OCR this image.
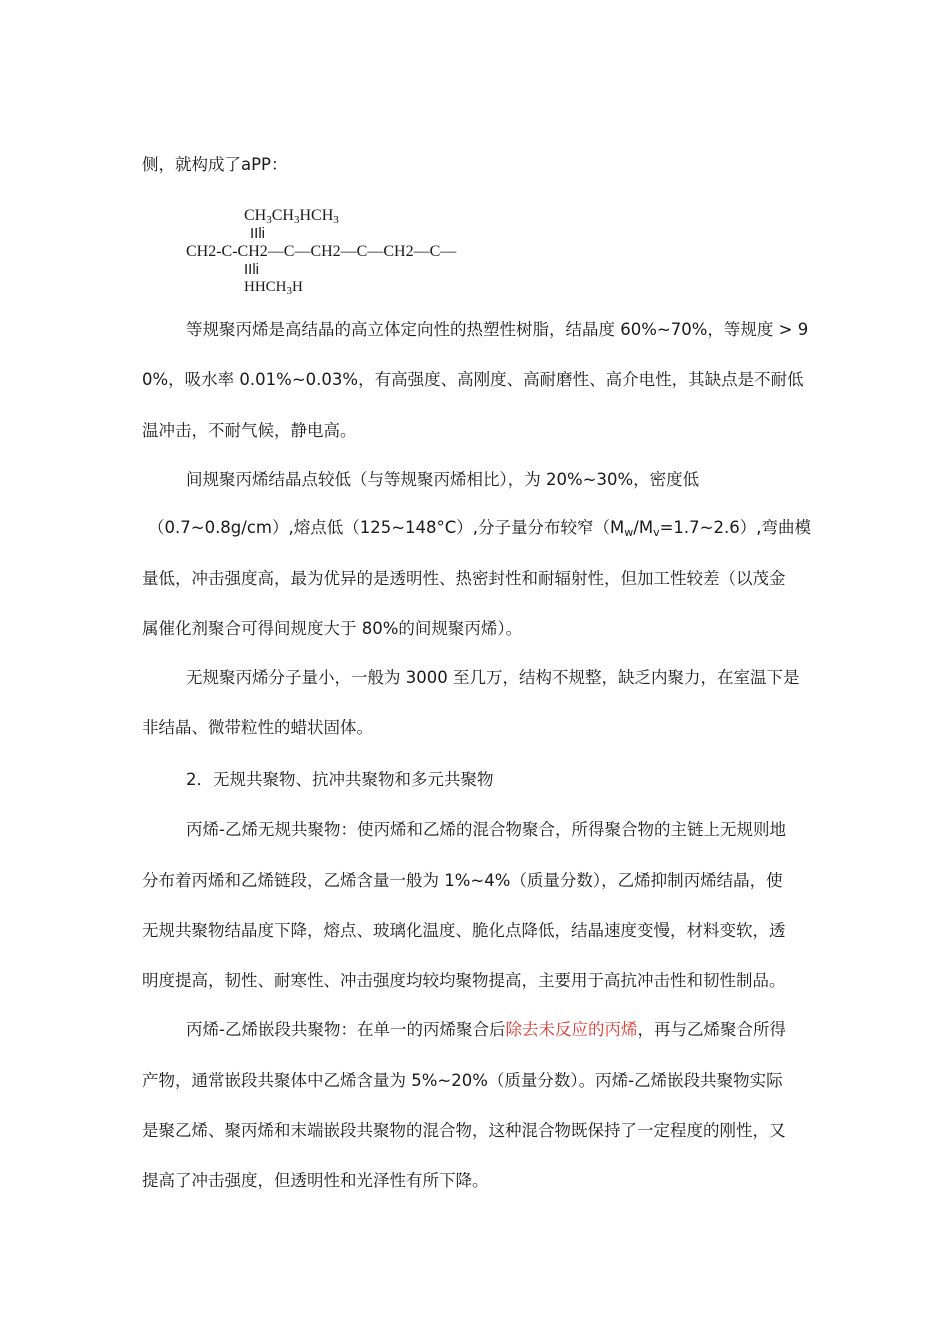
侧，就构成了aPP：

$CH_3CH_3HCH_3$
IIli
CH2-C-CH2—C—CH2—C—CH2—C—
IIli
$HHCH_3H$

等规聚丙烯是高结晶的高立体定向性的热塑性树脂，结晶度 60%~70%，等规度 > 9

0%，吸水率 0.01%~0.03%，有高强度、高刚度、高耐磨性、高介电性，其缺点是不耐低

温冲击，不耐气候，静电高。

间规聚丙烯结晶点较低（与等规聚丙烯相比），为 20%~30%，密度低

（0.7~0.8g/cm）,熔点低（125~148°C）,分子量分布较窄$(M_w/M_v=1.7\sim 2.6)$,弯曲模

量低，冲击强度高，最为优异的是透明性、热密封性和耐辐射性，但加工性较差（以茂金

属催化剂聚合可得间规度大于 80%的间规聚丙烯）。

无规聚丙烯分子量小，一般为 3000 至几万，结构不规整，缺乏内聚力，在室温下是

非结晶、微带粒性的蜡状固体。

2．无规共聚物、抗冲共聚物和多元共聚物

丙烯-乙烯无规共聚物：使丙烯和乙烯的混合物聚合，所得聚合物的主链上无规则地

分布着丙烯和乙烯链段，乙烯含量一般为 1%~4%（质量分数），乙烯抑制丙烯结晶，使

无规共聚物结晶度下降，熔点、玻璃化温度、脆化点降低，结晶速度变慢，材料变软，透

明度提高，韧性、耐寒性、冲击强度均较均聚物提高，主要用于高抗冲击性和韧性制品。

丙烯-乙烯嵌段共聚物：在单一的丙烯聚合后除去未反应的丙烯，再与乙烯聚合所得

产物，通常嵌段共聚体中乙烯含量为 5%~20%（质量分数）。丙烯-乙烯嵌段共聚物实际

是聚乙烯、聚丙烯和末端嵌段共聚物的混合物，这种混合物既保持了一定程度的刚性，又

提高了冲击强度，但透明性和光泽性有所下降。
